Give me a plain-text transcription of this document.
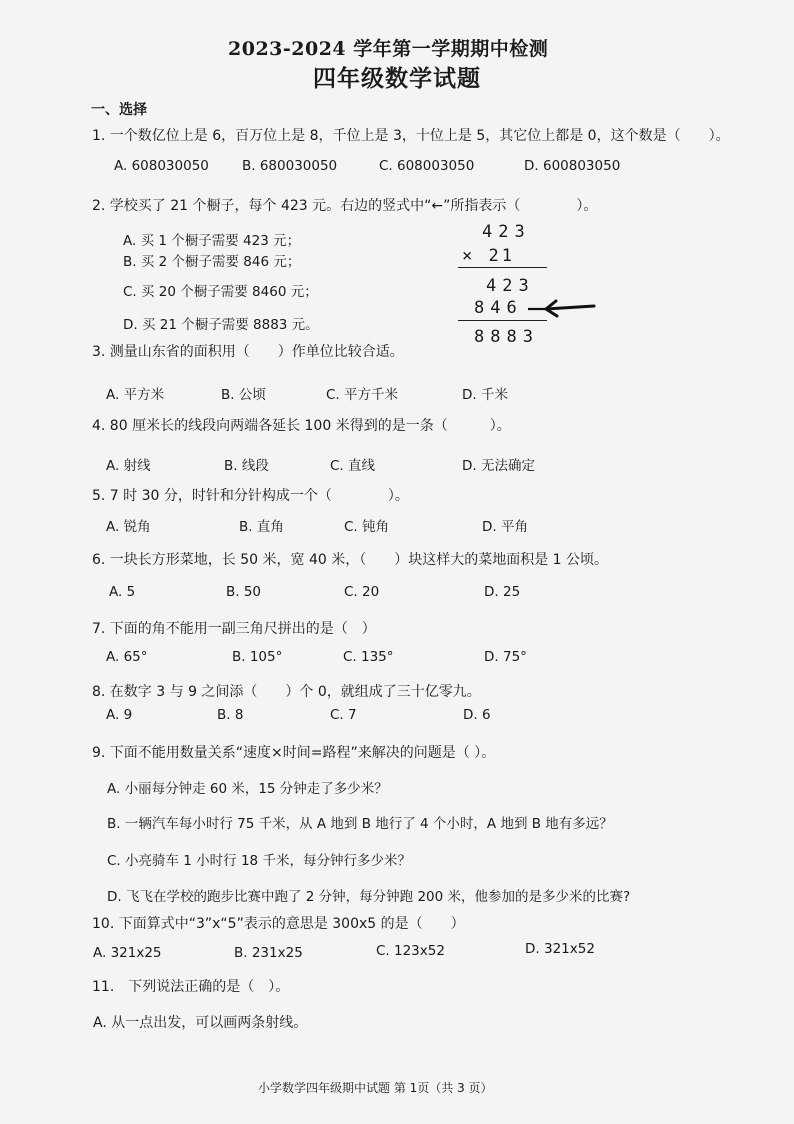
2023-2024 学年第一学期期中检测
四年级数学试题
一、选择
1. 一个数亿位上是 6，百万位上是 8，千位上是 3，十位上是 5，其它位上都是 0，这个数是（　　）。
A. 608030050 B. 680030050	C. 608003050	D. 600803050
2. 学校买了 21 个橱子，每个 423 元。右边的竖式中“←”所指表示（　　　　）。
A. 买 1 个橱子需要 423 元；
B. 买 2 个橱子需要 846 元；
C. 买 20 个橱子需要 8460 元；
D. 买 21 个橱子需要 8883 元。
423
× 21
423
846
8883
3. 测量山东省的面积用（　　）作单位比较合适。
A. 平方米	B. 公顷	C. 平方千米	D. 千米
4. 80 厘米长的线段向两端各延长 100 米得到的是一条（　　　）。
A. 射线	B. 线段	C. 直线	D. 无法确定
5. 7 时 30 分，时针和分针构成一个（　　　　）。
A. 锐角	B. 直角	C. 钝角	D. 平角
6. 一块长方形菜地，长 50 米，宽 40 米，（　　）块这样大的菜地面积是 1 公顷。
A. 5	B. 50	C. 20	D. 25
7. 下面的角不能用一副三角尺拼出的是（　）
A. 65°	B. 105°	C. 135°	D. 75°
8. 在数字 3 与 9 之间添（　　）个 0，就组成了三十亿零九。
A. 9	B. 8	C. 7	D. 6
9. 下面不能用数量关系“速度×时间=路程”来解决的问题是（ ）。
A. 小丽每分钟走 60 米，15 分钟走了多少米？
B. 一辆汽车每小时行 75 千米，从 A 地到 B 地行了 4 个小时，A 地到 B 地有多远？
C. 小亮骑车 1 小时行 18 千米，每分钟行多少米？
D. 飞飞在学校的跑步比赛中跑了 2 分钟，每分钟跑 200 米，他参加的是多少米的比赛?
10. 下面算式中“3”x“5”表示的意思是 300x5 的是（　　）
A. 321x25	B. 231x25	C. 123x52	D. 321x52
11.　下列说法正确的是（　）。
A. 从一点出发，可以画两条射线。
小学数学四年级期中试题 第 1页（共 3 页）
